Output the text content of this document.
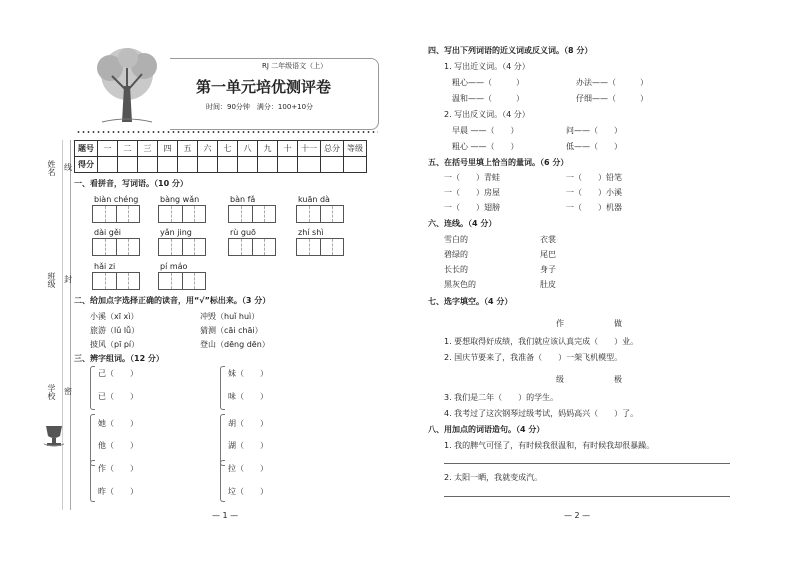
姓名 线
班级 封
学校 密
RJ 二年级语文（上）
第一单元培优测评卷
时间：90分钟　满分：100+10分
题号	一	二	三	四	五	六	七	八	九	十	十一	总分	等级
得分													
一、看拼音，写词语。（10 分）
biàn chéng	bàng wǎn	bàn fǎ	kuān dà
dài gěi	yǎn jing	rù guō	zhí shì
hǎi zi	pí máo
二、给加点字选择正确的读音，用“√”标出来。（3 分）
小溪（xī xì）	冲毁（huǐ huì）
旅游（lǔ lǚ）	猜测（cāi chāi）
披风（pī pí）	登山（dēng dēn）
三、辨字组词。（12 分）
己（　　）
已（　　）
她（　　）
他（　　）
作（　　）
昨（　　）
妹（　　）
味（　　）
胡（　　）
湖（　　）
拉（　　）
垃（　　）
— 1 —
四、写出下列词语的近义词或反义词。（8 分）
1. 写出近义词。（4 分）
粗心——（　　　）	办法——（　　　）
温和——（　　　）	仔细——（　　　）
2. 写出反义词。（4 分）
早晨 ——（　　）	问——（　　）
粗心 ——（　　）	低——（　　）
五、在括号里填上恰当的量词。（6 分）
一（　　）青蛙	一（　　）铅笔
一（　　）房屋	一（　　）小溪
一（　　）翅膀	一（　　）机器
六、连线。（4 分）
雪白的
碧绿的
长长的
黑灰色的
衣裳
尾巴
身子
肚皮
七、选字填空。（4 分）
作	做
1. 要想取得好成绩，我们就应该认真完成（　　）业。
2. 国庆节要来了，我准备（　　）一架飞机模型。
级	极
3. 我们是二年（　　）的学生。
4. 我考过了这次钢琴过级考试，妈妈高兴（　　）了。
八、用加点的词语造句。（4 分）
1. 我的脾气可怪了，有时候我很温和，有时候我却很暴躁。
2. 太阳一晒，我就变成汽。
— 2 —
